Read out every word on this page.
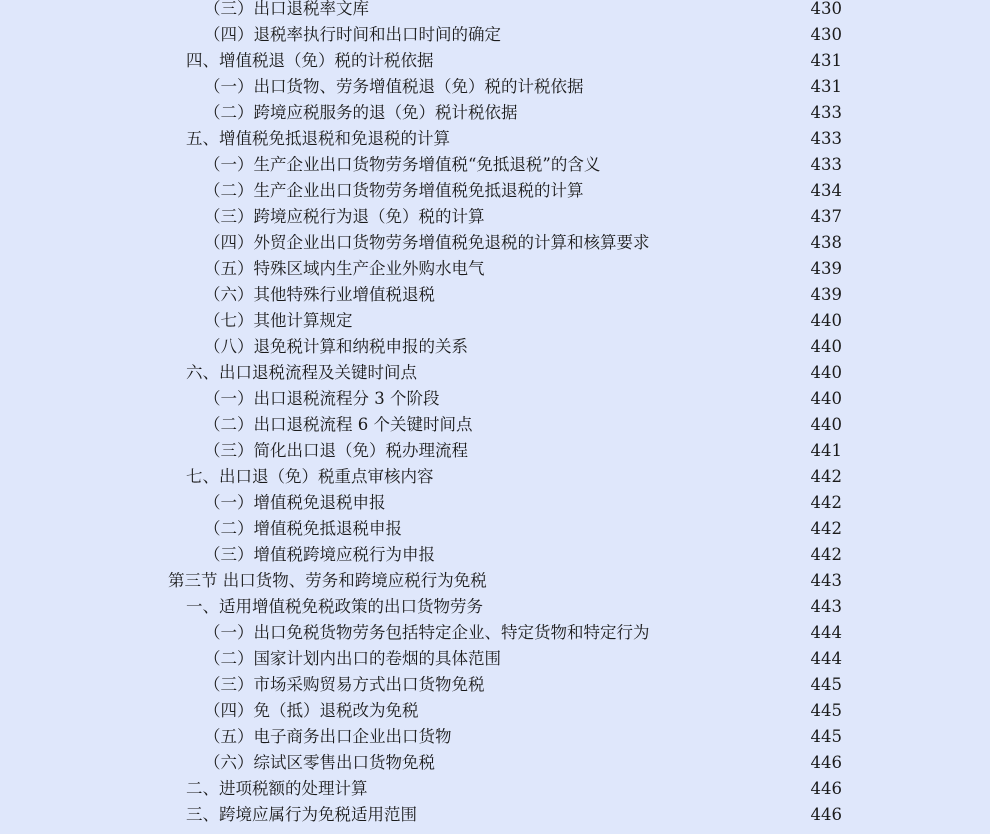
（三）出口退税率文库	430
（四）退税率执行时间和出口时间的确定	430
四、增值税退（免）税的计税依据	431
（一）出口货物、劳务增值税退（免）税的计税依据	431
（二）跨境应税服务的退（免）税计税依据	433
五、增值税免抵退税和免退税的计算	433
（一）生产企业出口货物劳务增值税“免抵退税”的含义	433
（二）生产企业出口货物劳务增值税免抵退税的计算	434
（三）跨境应税行为退（免）税的计算	437
（四）外贸企业出口货物劳务增值税免退税的计算和核算要求	438
（五）特殊区域内生产企业外购水电气	439
（六）其他特殊行业增值税退税	439
（七）其他计算规定	440
（八）退免税计算和纳税申报的关系	440
六、出口退税流程及关键时间点	440
（一）出口退税流程分 3 个阶段	440
（二）出口退税流程 6 个关键时间点	440
（三）简化出口退（免）税办理流程	441
七、出口退（免）税重点审核内容	442
（一）增值税免退税申报	442
（二）增值税免抵退税申报	442
（三）增值税跨境应税行为申报	442
第三节 出口货物、劳务和跨境应税行为免税	443
一、适用增值税免税政策的出口货物劳务	443
（一）出口免税货物劳务包括特定企业、特定货物和特定行为	444
（二）国家计划内出口的卷烟的具体范围	444
（三）市场采购贸易方式出口货物免税	445
（四）免（抵）退税改为免税	445
（五）电子商务出口企业出口货物	445
（六）综试区零售出口货物免税	446
二、进项税额的处理计算	446
三、跨境应属行为免税适用范围	446
